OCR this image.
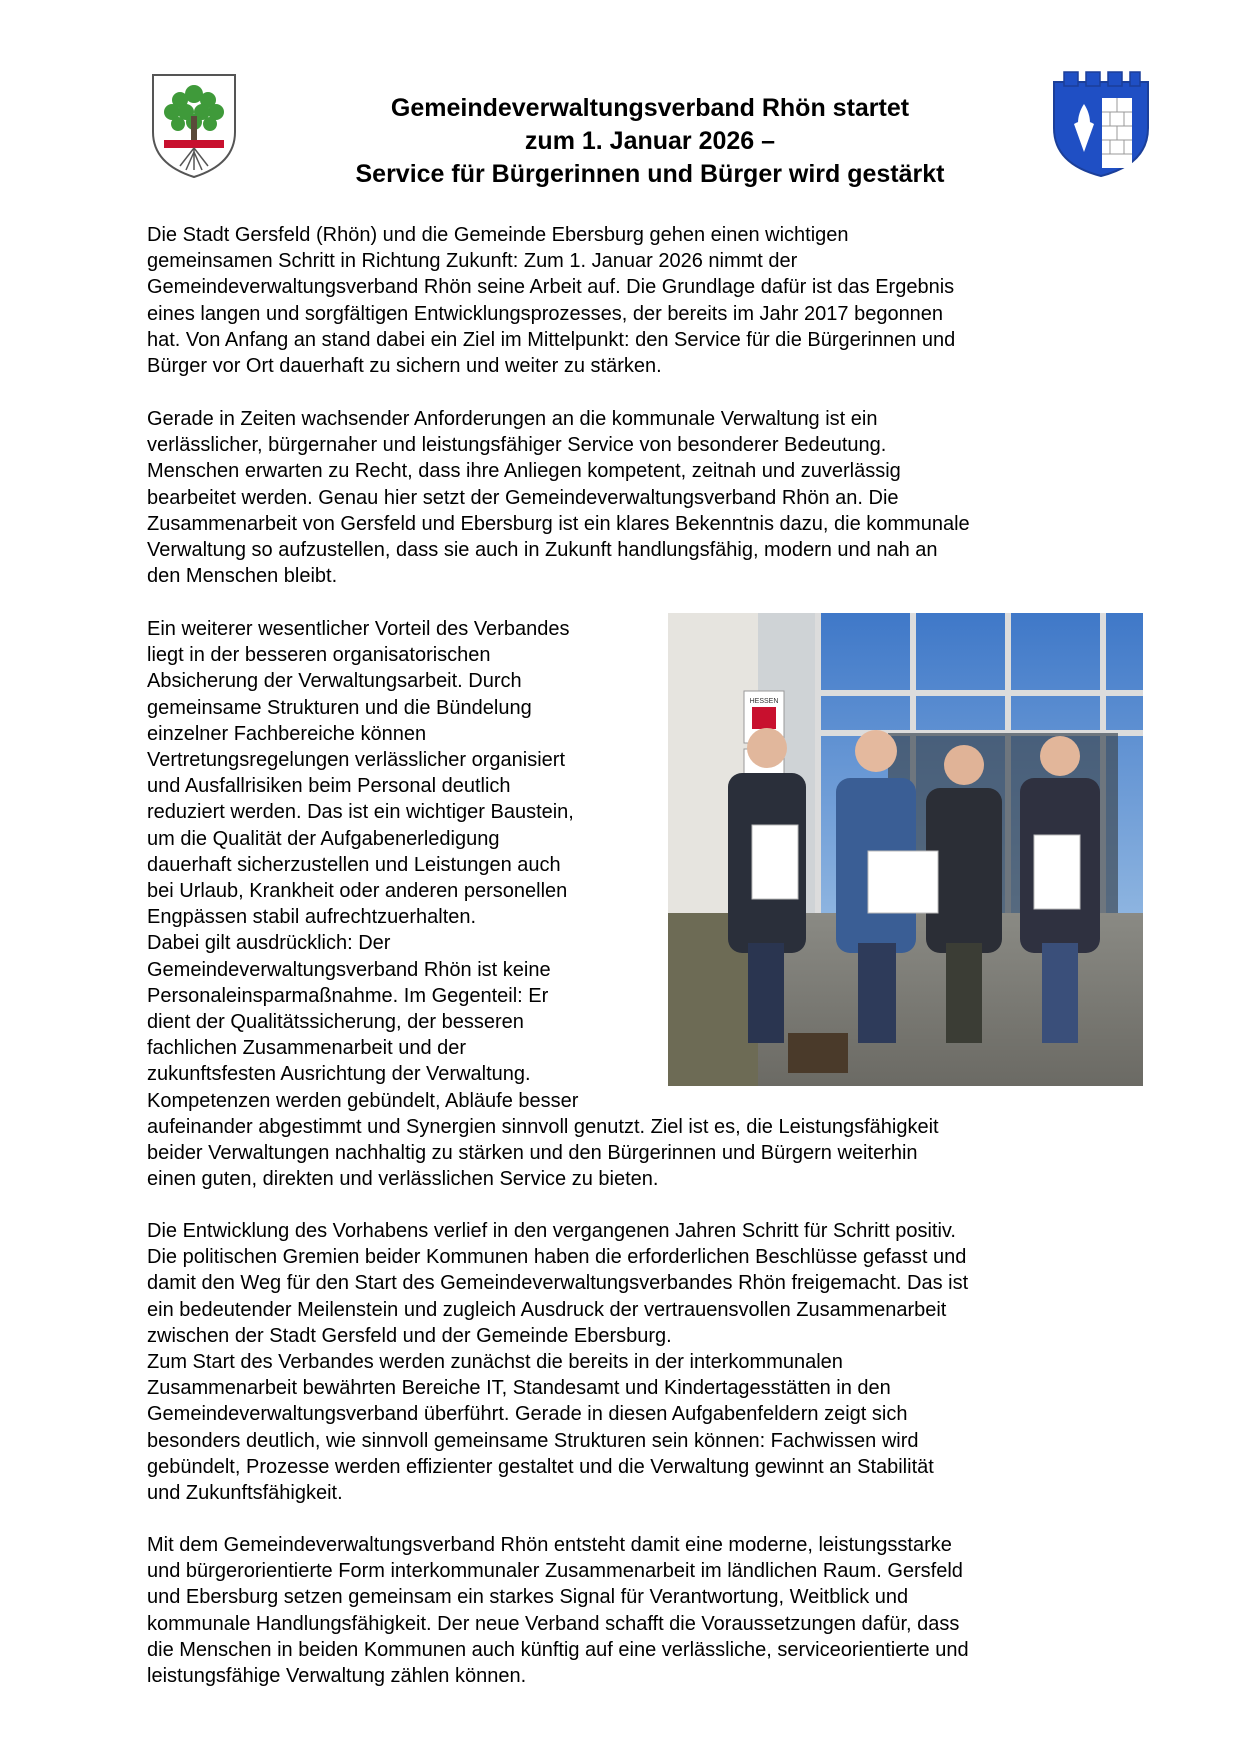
Gemeindeverwaltungsverband Rhön startet
zum 1. Januar 2026 –
Service für Bürgerinnen und Bürger wird gestärkt
Die Stadt Gersfeld (Rhön) und die Gemeinde Ebersburg gehen einen wichtigen
gemeinsamen Schritt in Richtung Zukunft: Zum 1. Januar 2026 nimmt der
Gemeindeverwaltungsverband Rhön seine Arbeit auf. Die Grundlage dafür ist das Ergebnis
eines langen und sorgfältigen Entwicklungsprozesses, der bereits im Jahr 2017 begonnen
hat. Von Anfang an stand dabei ein Ziel im Mittelpunkt: den Service für die Bürgerinnen und
Bürger vor Ort dauerhaft zu sichern und weiter zu stärken.
Gerade in Zeiten wachsender Anforderungen an die kommunale Verwaltung ist ein
verlässlicher, bürgernaher und leistungsfähiger Service von besonderer Bedeutung.
Menschen erwarten zu Recht, dass ihre Anliegen kompetent, zeitnah und zuverlässig
bearbeitet werden. Genau hier setzt der Gemeindeverwaltungsverband Rhön an. Die
Zusammenarbeit von Gersfeld und Ebersburg ist ein klares Bekenntnis dazu, die kommunale
Verwaltung so aufzustellen, dass sie auch in Zukunft handlungsfähig, modern und nah an
den Menschen bleibt.
Ein weiterer wesentlicher Vorteil des Verbandes
liegt in der besseren organisatorischen
Absicherung der Verwaltungsarbeit. Durch
gemeinsame Strukturen und die Bündelung
einzelner Fachbereiche können
Vertretungsregelungen verlässlicher organisiert
und Ausfallrisiken beim Personal deutlich
reduziert werden. Das ist ein wichtiger Baustein,
um die Qualität der Aufgabenerledigung
dauerhaft sicherzustellen und Leistungen auch
bei Urlaub, Krankheit oder anderen personellen
Engpässen stabil aufrechtzuerhalten.
Dabei gilt ausdrücklich: Der
Gemeindeverwaltungsverband Rhön ist keine
Personaleinsparmaßnahme. Im Gegenteil: Er
dient der Qualitätssicherung, der besseren
fachlichen Zusammenarbeit und der
zukunftsfesten Ausrichtung der Verwaltung.
Kompetenzen werden gebündelt, Abläufe besser
aufeinander abgestimmt und Synergien sinnvoll genutzt. Ziel ist es, die Leistungsfähigkeit
beider Verwaltungen nachhaltig zu stärken und den Bürgerinnen und Bürgern weiterhin
einen guten, direkten und verlässlichen Service zu bieten.
HESSEN
Die Entwicklung des Vorhabens verlief in den vergangenen Jahren Schritt für Schritt positiv.
Die politischen Gremien beider Kommunen haben die erforderlichen Beschlüsse gefasst und
damit den Weg für den Start des Gemeindeverwaltungsverbandes Rhön freigemacht. Das ist
ein bedeutender Meilenstein und zugleich Ausdruck der vertrauensvollen Zusammenarbeit
zwischen der Stadt Gersfeld und der Gemeinde Ebersburg.
Zum Start des Verbandes werden zunächst die bereits in der interkommunalen
Zusammenarbeit bewährten Bereiche IT, Standesamt und Kindertagesstätten in den
Gemeindeverwaltungsverband überführt. Gerade in diesen Aufgabenfeldern zeigt sich
besonders deutlich, wie sinnvoll gemeinsame Strukturen sein können: Fachwissen wird
gebündelt, Prozesse werden effizienter gestaltet und die Verwaltung gewinnt an Stabilität
und Zukunftsfähigkeit.
Mit dem Gemeindeverwaltungsverband Rhön entsteht damit eine moderne, leistungsstarke
und bürgerorientierte Form interkommunaler Zusammenarbeit im ländlichen Raum. Gersfeld
und Ebersburg setzen gemeinsam ein starkes Signal für Verantwortung, Weitblick und
kommunale Handlungsfähigkeit. Der neue Verband schafft die Voraussetzungen dafür, dass
die Menschen in beiden Kommunen auch künftig auf eine verlässliche, serviceorientierte und
leistungsfähige Verwaltung zählen können.
